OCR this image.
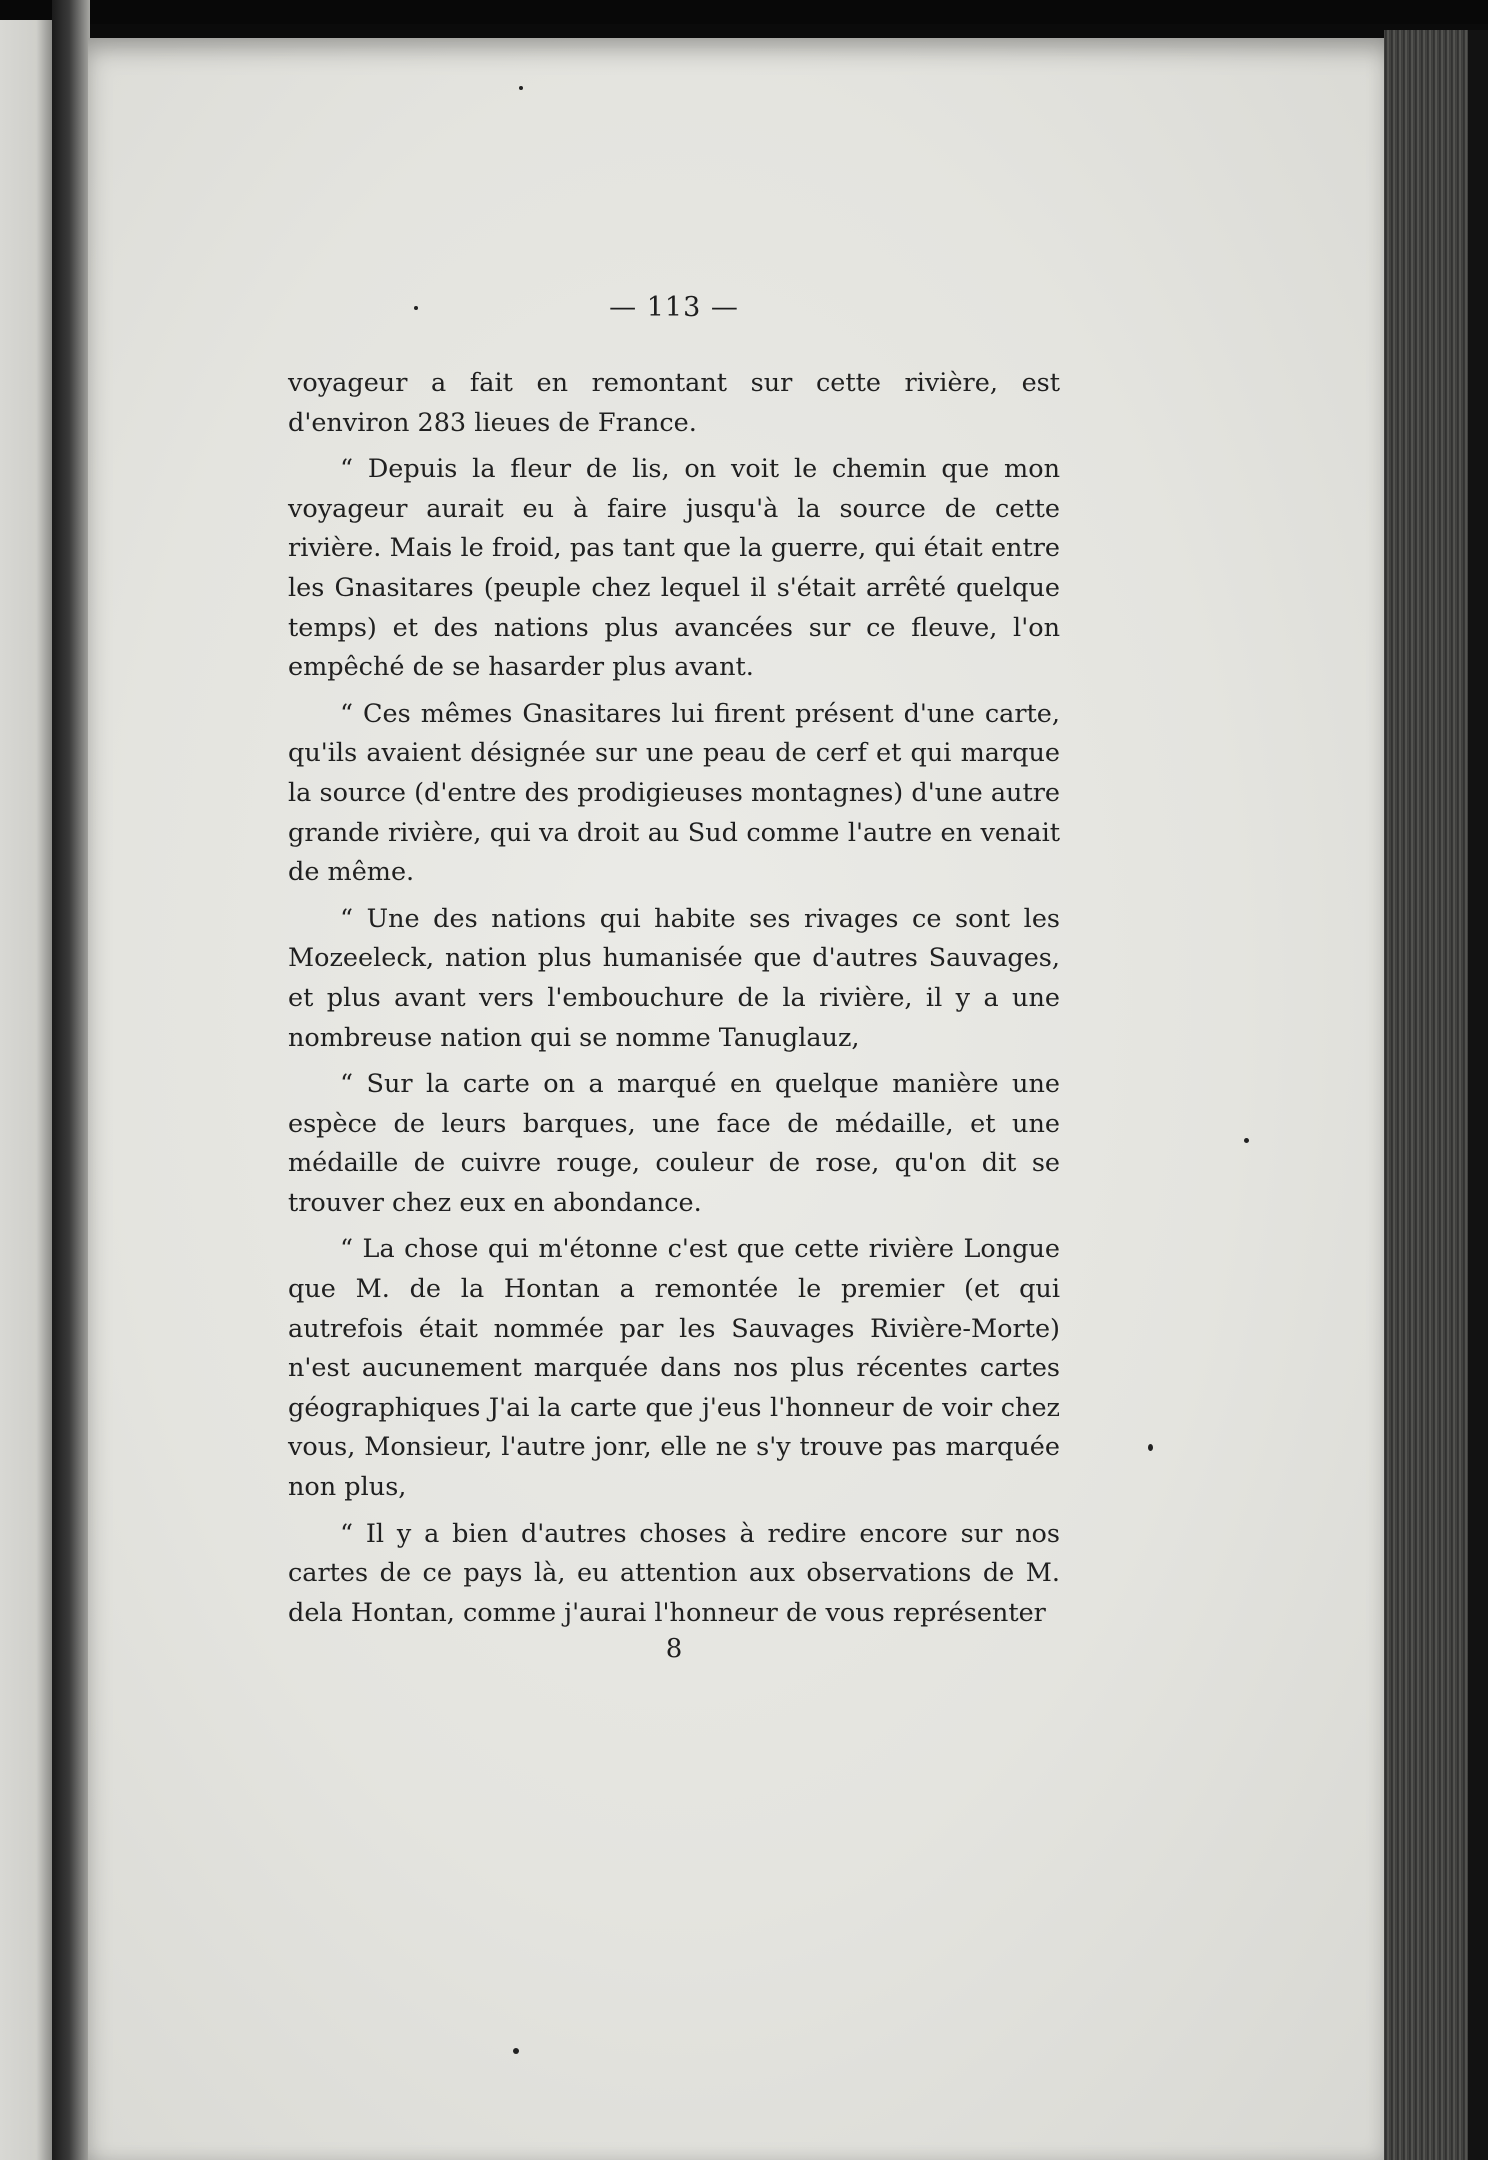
— 113 —

voyageur a fait en remontant sur cette rivière, est d'environ 283 lieues de France.

“ Depuis la fleur de lis, on voit le chemin que mon voyageur aurait eu à faire jusqu'à la source de cette rivière. Mais le froid, pas tant que la guerre, qui était entre les Gnasitares (peuple chez lequel il s'était arrêté quelque temps) et des nations plus avancées sur ce fleuve, l'on empêché de se hasarder plus avant.

“ Ces mêmes Gnasitares lui firent présent d'une carte, qu'ils avaient désignée sur une peau de cerf et qui marque la source (d'entre des prodigieuses montagnes) d'une autre grande rivière, qui va droit au Sud comme l'autre en venait de même.

“ Une des nations qui habite ses rivages ce sont les Mozeeleck, nation plus humanisée que d'autres Sauvages, et plus avant vers l'embouchure de la rivière, il y a une nombreuse nation qui se nomme Tanuglauz,

“ Sur la carte on a marqué en quelque manière une espèce de leurs barques, une face de médaille, et une médaille de cuivre rouge, couleur de rose, qu'on dit se trouver chez eux en abondance.

“ La chose qui m'étonne c'est que cette rivière Longue que M. de la Hontan a remontée le premier (et qui autrefois était nommée par les Sauvages Rivière-Morte) n'est aucunement marquée dans nos plus récentes cartes géographiques J'ai la carte que j'eus l'honneur de voir chez vous, Monsieur, l'autre jonr, elle ne s'y trouve pas marquée non plus,

“ Il y a bien d'autres choses à redire encore sur nos cartes de ce pays là, eu attention aux observations de M. dela Hontan, comme j'aurai l'honneur de vous représenter

8
